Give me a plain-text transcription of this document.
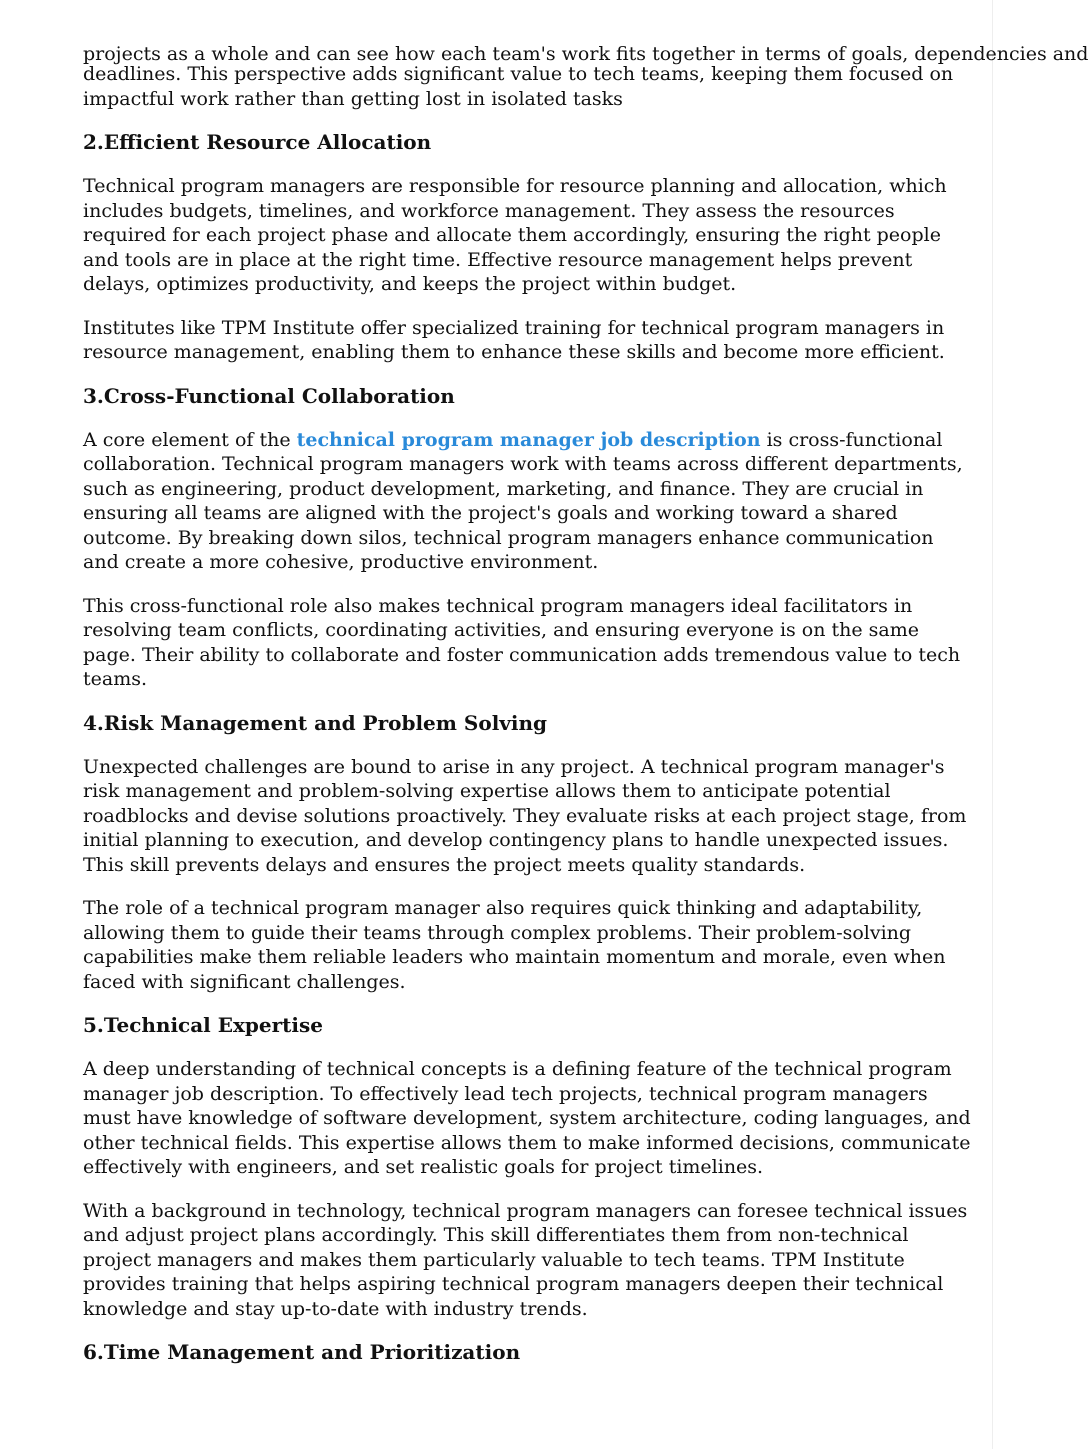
projects as a whole and can see how each team's work fits together in terms of goals, dependencies and

deadlines. This perspective adds significant value to tech teams, keeping them focused on impactful work rather than getting lost in isolated tasks

2.Efficient Resource Allocation

Technical program managers are responsible for resource planning and allocation, which includes budgets, timelines, and workforce management. They assess the resources required for each project phase and allocate them accordingly, ensuring the right people and tools are in place at the right time. Effective resource management helps prevent delays, optimizes productivity, and keeps the project within budget.

Institutes like TPM Institute offer specialized training for technical program managers in resource management, enabling them to enhance these skills and become more efficient.

3.Cross-Functional Collaboration

A core element of the technical program manager job description is cross-functional collaboration. Technical program managers work with teams across different departments, such as engineering, product development, marketing, and finance. They are crucial in ensuring all teams are aligned with the project's goals and working toward a shared outcome. By breaking down silos, technical program managers enhance communication and create a more cohesive, productive environment.

This cross-functional role also makes technical program managers ideal facilitators in resolving team conflicts, coordinating activities, and ensuring everyone is on the same page. Their ability to collaborate and foster communication adds tremendous value to tech teams.

4.Risk Management and Problem Solving

Unexpected challenges are bound to arise in any project. A technical program manager's risk management and problem-solving expertise allows them to anticipate potential roadblocks and devise solutions proactively. They evaluate risks at each project stage, from initial planning to execution, and develop contingency plans to handle unexpected issues. This skill prevents delays and ensures the project meets quality standards.

The role of a technical program manager also requires quick thinking and adaptability, allowing them to guide their teams through complex problems. Their problem-solving capabilities make them reliable leaders who maintain momentum and morale, even when faced with significant challenges.

5.Technical Expertise

A deep understanding of technical concepts is a defining feature of the technical program manager job description. To effectively lead tech projects, technical program managers must have knowledge of software development, system architecture, coding languages, and other technical fields. This expertise allows them to make informed decisions, communicate effectively with engineers, and set realistic goals for project timelines.

With a background in technology, technical program managers can foresee technical issues and adjust project plans accordingly. This skill differentiates them from non-technical project managers and makes them particularly valuable to tech teams. TPM Institute provides training that helps aspiring technical program managers deepen their technical knowledge and stay up-to-date with industry trends.

6.Time Management and Prioritization
